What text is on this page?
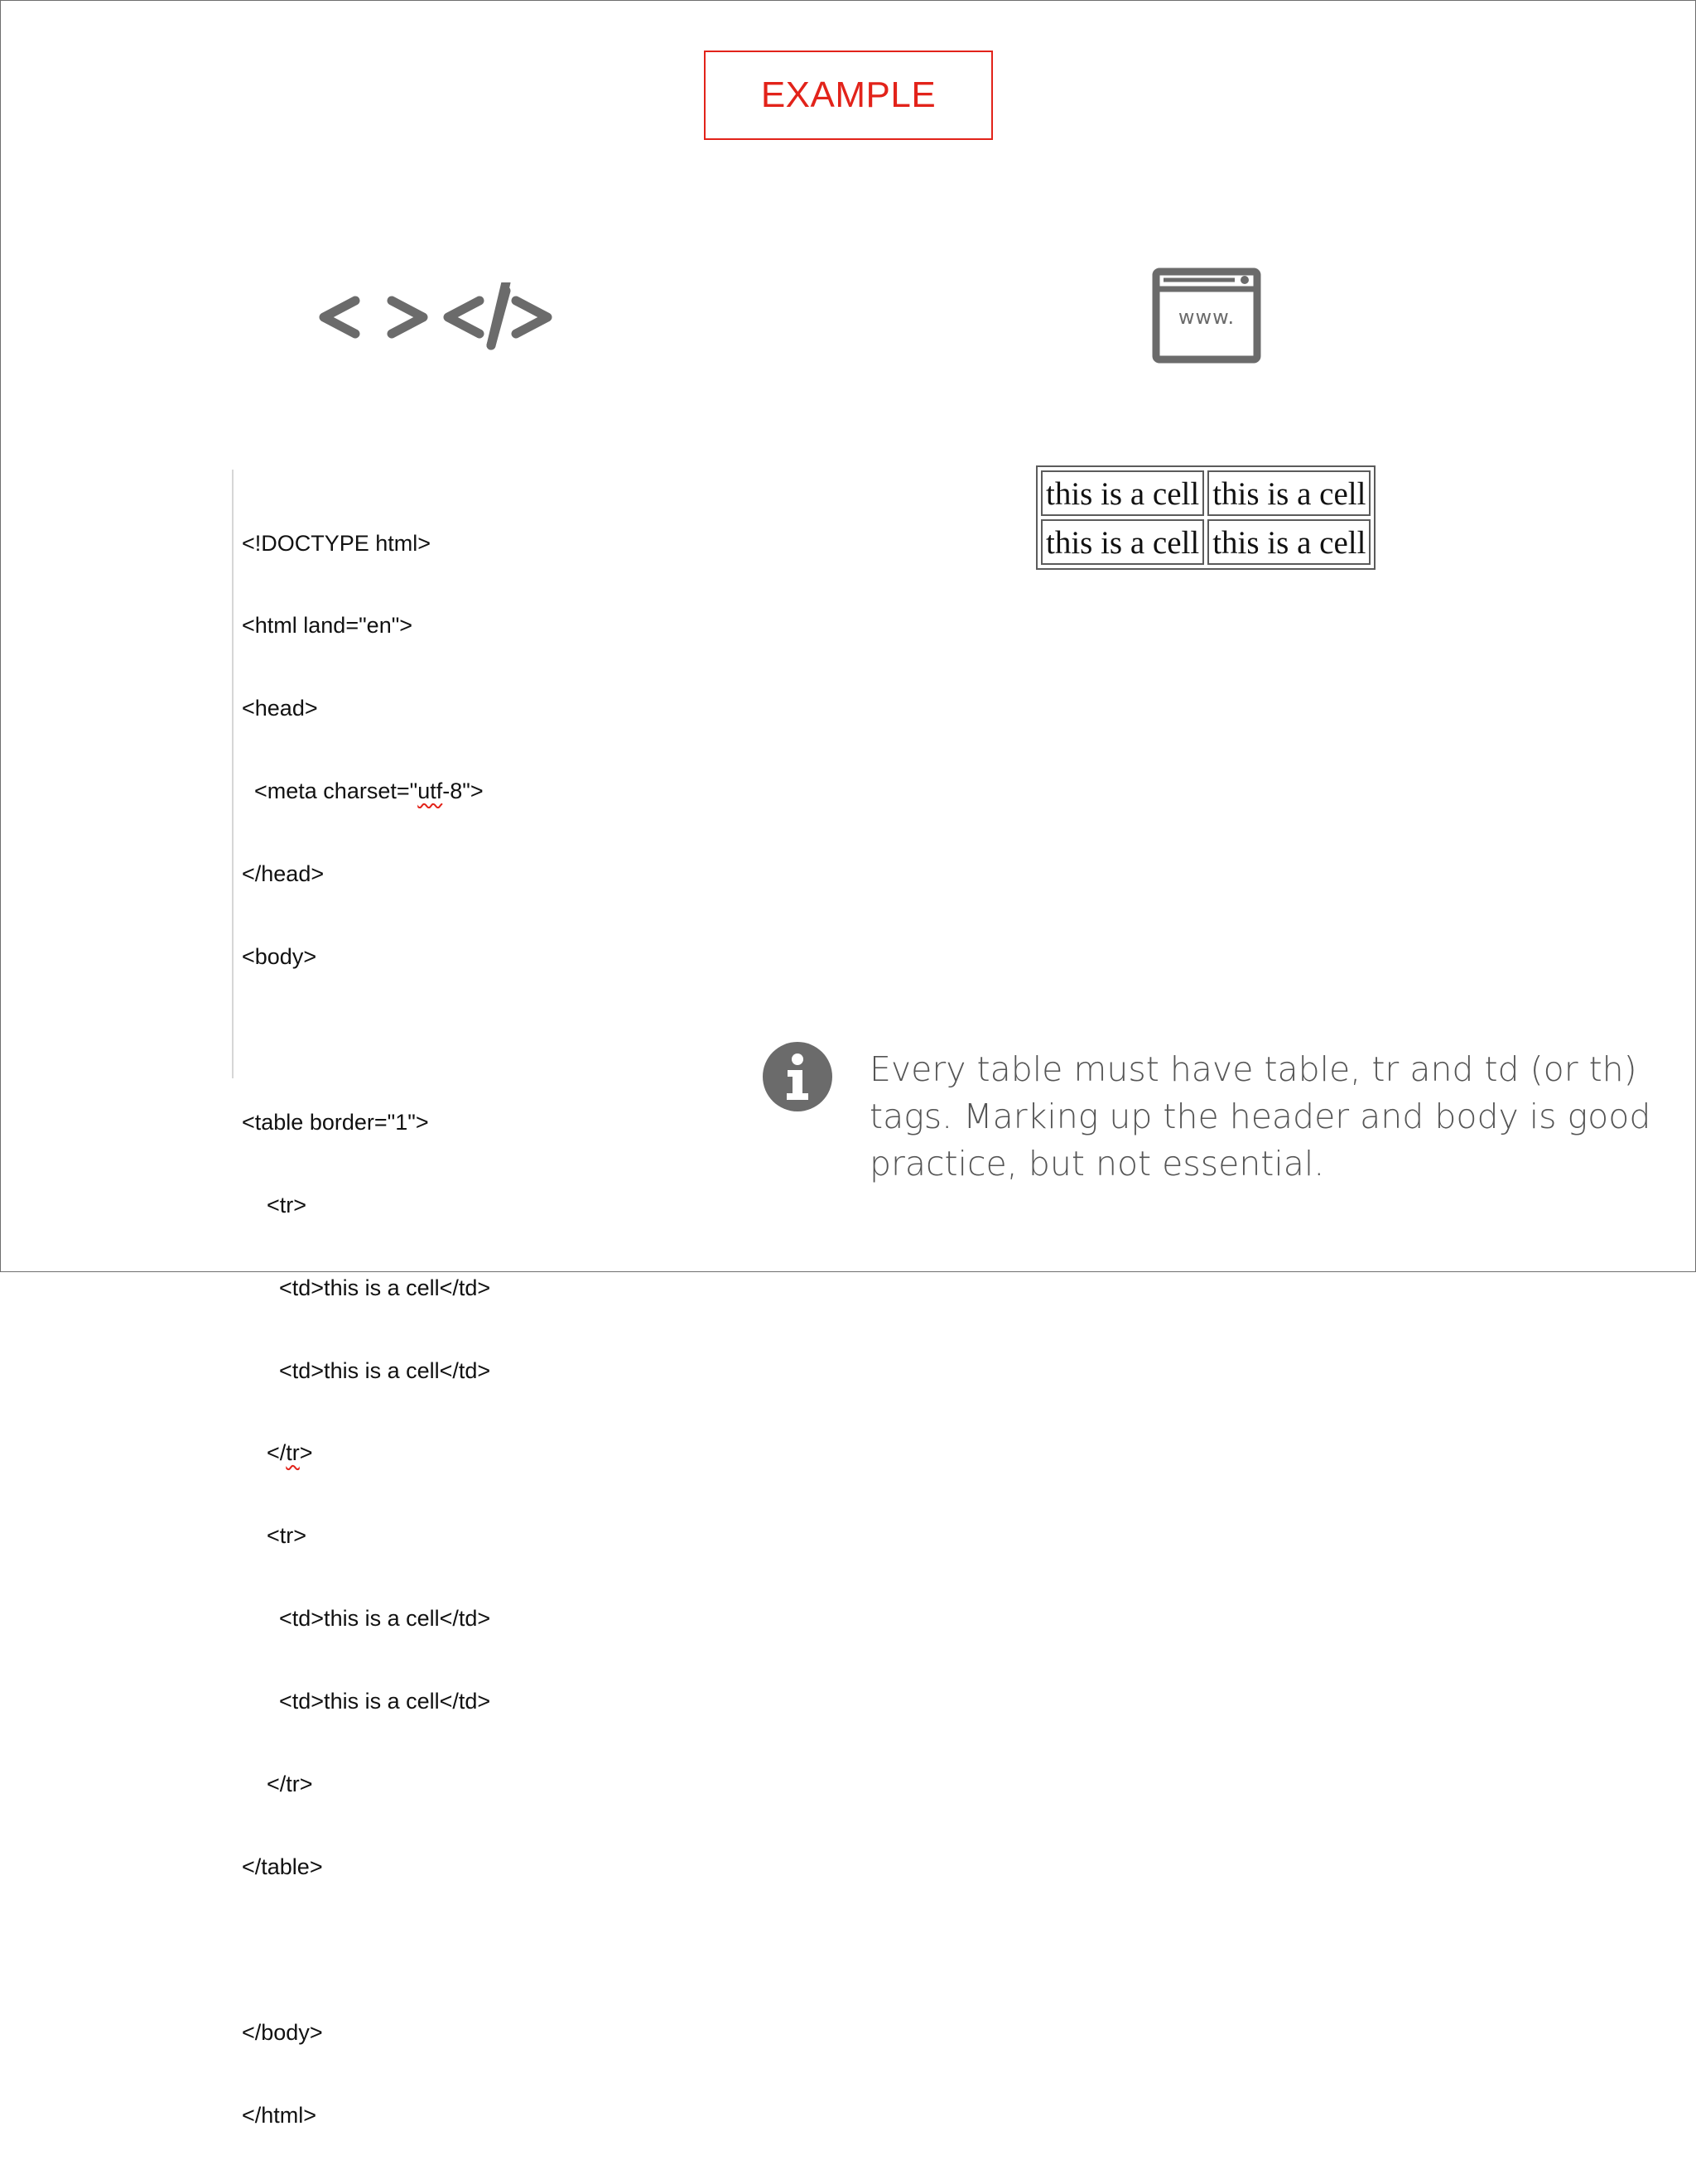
EXAMPLE
www.

<!DOCTYPE html>

<html land="en">

<head>

<meta charset="utf-8">

</head>

<body>

<table border="1">

<tr>

<td>this is a cell</td>

<td>this is a cell</td>

</tr>

<tr>

<td>this is a cell</td>

<td>this is a cell</td>

</tr>

</table>

</body>

</html>

this is a cell	this is a cell
this is a cell	this is a cell
Every table must have table, tr and td (or th) tags. Marking up the header and body is good practice, but not essential.
